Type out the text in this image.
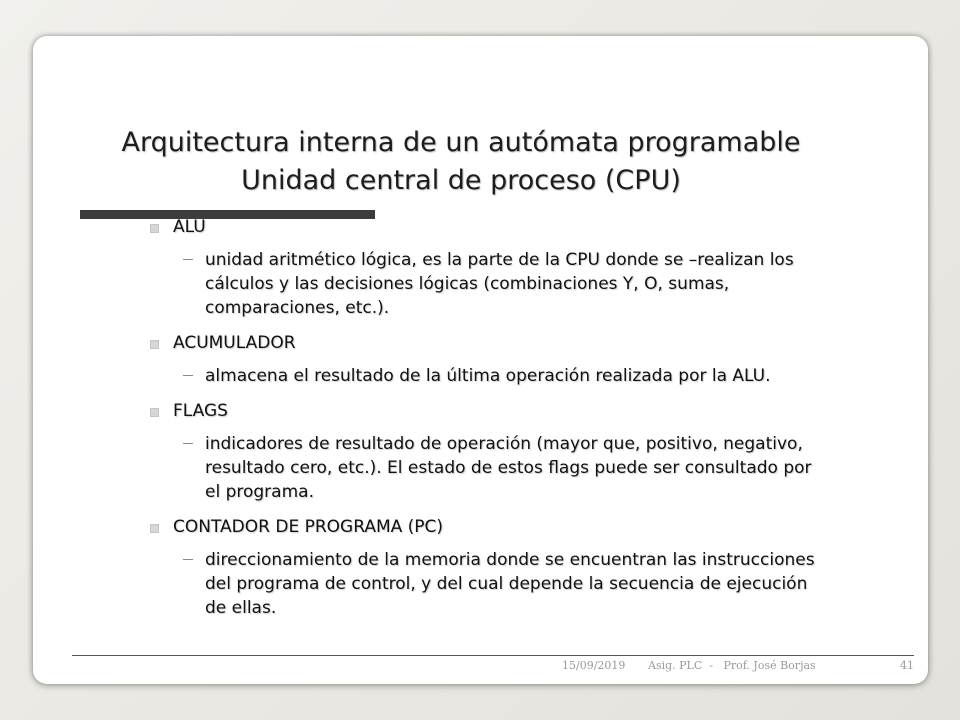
Arquitectura interna de un autómata programable
Unidad central de proceso (CPU)
ALU
unidad aritmético lógica, es la parte de la CPU donde se –realizan los cálculos y las decisiones lógicas (combinaciones Y, O, sumas, comparaciones, etc.).
ACUMULADOR
almacena el resultado de la última operación realizada por la ALU.
FLAGS
indicadores de resultado de operación (mayor que, positivo, negativo, resultado cero, etc.). El estado de estos flags puede ser consultado por el programa.
CONTADOR DE PROGRAMA (PC)
direccionamiento de la memoria donde se encuentran las instrucciones del programa de control, y del cual depende la secuencia de ejecución de ellas.
15/09/2019 Asig. PLC  -   Prof. José Borjas	41
